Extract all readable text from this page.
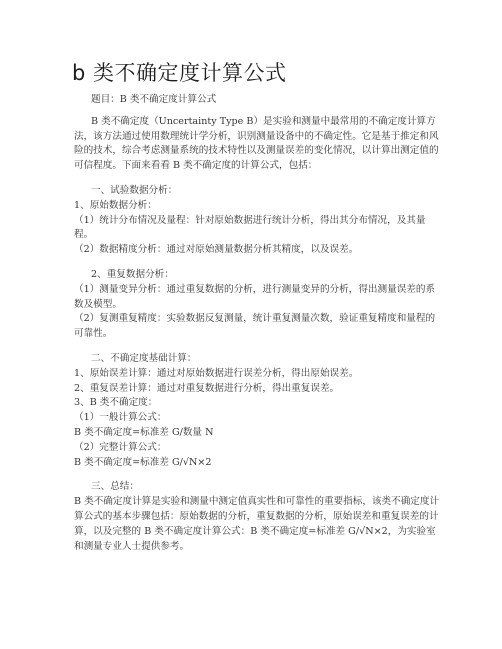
b 类不确定度计算公式

题目：B 类不确定度计算公式

B 类不确定度（Uncertainty Type B）是实验和测量中最常用的不确定度计算方法，该方法通过使用数理统计学分析，识别测量设备中的不确定性。它是基于推定和风险的技术，综合考虑测量系统的技术特性以及测量误差的变化情况，以计算出测定值的可信程度。下面来看看 B 类不确定度的计算公式，包括：

一、试验数据分析：

1、原始数据分析：

（1）统计分布情况及量程：针对原始数据进行统计分析，得出其分布情况，及其量程。

（2）数据精度分析：通过对原始测量数据分析其精度，以及误差。

2、重复数据分析：

（1）测量变异分析：通过重复数据的分析，进行测量变异的分析，得出测量误差的系数及模型。

（2）复测重复精度：实验数据反复测量，统计重复测量次数，验证重复精度和量程的可靠性。

二、不确定度基础计算：

1、原始误差计算：通过对原始数据进行误差分析，得出原始误差。

2、重复误差计算：通过对重复数据进行分析，得出重复误差。

3、B 类不确定度：

（1）一般计算公式：

B 类不确定度=标准差 G/数量 N

（2）完整计算公式：

B 类不确定度=标准差 G/√N×2

三、总结：

B 类不确定度计算是实验和测量中测定值真实性和可靠性的重要指标，该类不确定度计算公式的基本步骤包括：原始数据的分析，重复数据的分析，原始误差和重复误差的计算，以及完整的 B 类不确定度计算公式：B 类不确定度=标准差 G/√N×2，为实验室和测量专业人士提供参考。
